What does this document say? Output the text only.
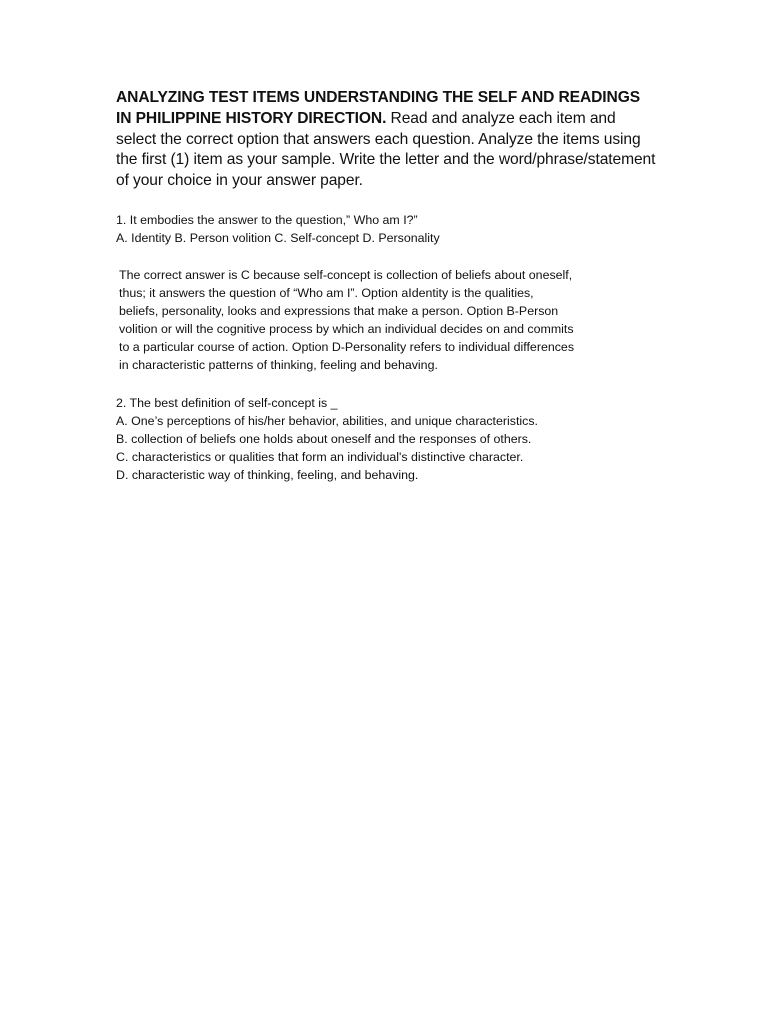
ANALYZING TEST ITEMS UNDERSTANDING THE SELF AND READINGS IN PHILIPPINE HISTORY DIRECTION. Read and analyze each item and select the correct option that answers each question. Analyze the items using the first (1) item as your sample. Write the letter and the word/phrase/statement of your choice in your answer paper.
1. It embodies the answer to the question,” Who am I?”
A. Identity B. Person volition C. Self-concept D. Personality
The correct answer is C because self-concept is collection of beliefs about oneself,
thus; it answers the question of “Who am I”. Option aIdentity is the qualities,
beliefs, personality, looks and expressions that make a person. Option B-Person
volition or will the cognitive process by which an individual decides on and commits
to a particular course of action. Option D-Personality refers to individual differences
in characteristic patterns of thinking, feeling and behaving.
2. The best definition of self-concept is _
A. One’s perceptions of his/her behavior, abilities, and unique characteristics.
B. collection of beliefs one holds about oneself and the responses of others.
C. characteristics or qualities that form an individual's distinctive character.
D. characteristic way of thinking, feeling, and behaving.
